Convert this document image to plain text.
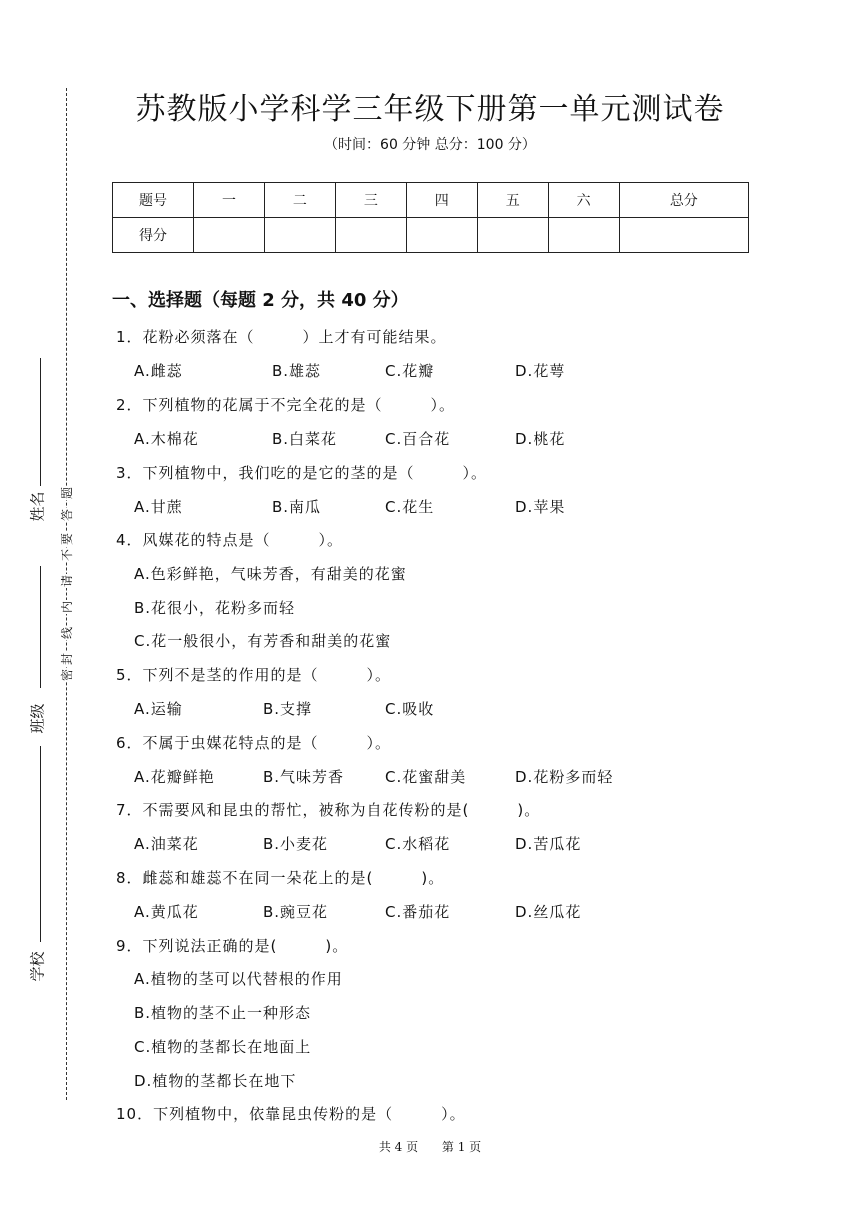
姓名
班级
学校
密
封
线
内
请
不
要
答
题
苏教版小学科学三年级下册第一单元测试卷
（时间：60 分钟 总分：100 分）
题号	一	二	三	四	五	六	总分
得分							
一、选择题（每题 2 分，共 40 分）
1．花粉必须落在（　　　）上才有可能结果。
A.雌蕊	B.雄蕊	C.花瓣	D.花萼
2．下列植物的花属于不完全花的是（　　　）。
A.木棉花	B.白菜花	C.百合花	D.桃花
3．下列植物中，我们吃的是它的茎的是（　　　）。
A.甘蔗	B.南瓜	C.花生	D.苹果
4．风媒花的特点是（　　　）。
A.色彩鲜艳，气味芳香，有甜美的花蜜
B.花很小，花粉多而轻
C.花一般很小，有芳香和甜美的花蜜
5．下列不是茎的作用的是（　　　）。
A.运输	B.支撑	C.吸收
6．不属于虫媒花特点的是（　　　）。
A.花瓣鲜艳	B.气味芳香	C.花蜜甜美	D.花粉多而轻
7．不需要风和昆虫的帮忙，被称为自花传粉的是(　　　)。
A.油菜花	B.小麦花	C.水稻花	D.苦瓜花
8．雌蕊和雄蕊不在同一朵花上的是(　　　)。
A.黄瓜花	B.豌豆花	C.番茄花	D.丝瓜花
9．下列说法正确的是(　　　)。
A.植物的茎可以代替根的作用
B.植物的茎不止一种形态
C.植物的茎都长在地面上
D.植物的茎都长在地下
10．下列植物中，依靠昆虫传粉的是（　　　）。
共 4 页 第 1 页
